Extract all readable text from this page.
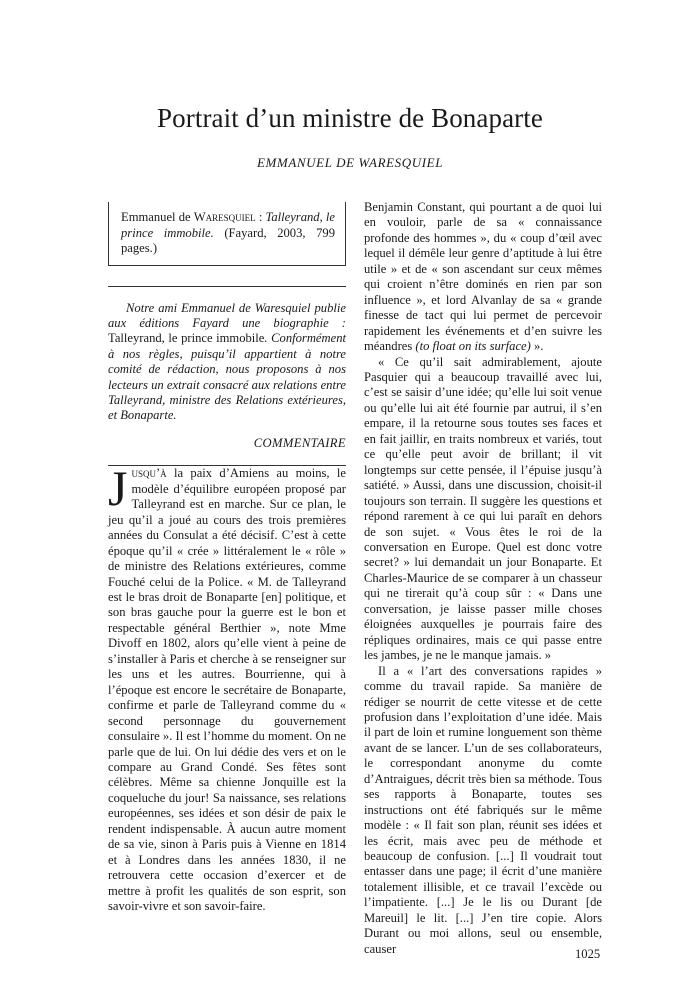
Portrait d’un ministre de Bonaparte
EMMANUEL DE WARESQUIEL
Emmanuel de Waresquiel : Talleyrand, le prince immobile. (Fayard, 2003, 799 pages.)

Notre ami Emmanuel de Waresquiel publie aux éditions Fayard une biographie : Talleyrand, le prince immobile. Conformément à nos règles, puisqu’il appartient à notre comité de rédaction, nous proposons à nos lecteurs un extrait consacré aux relations entre Talleyrand, ministre des Relations extérieures, et Bonaparte.

COMMENTAIRE

Jusqu’à la paix d’Amiens au moins, le modèle d’équilibre européen proposé par Talleyrand est en marche. Sur ce plan, le jeu qu’il a joué au cours des trois premières années du Consulat a été décisif. C’est à cette époque qu’il « crée » littéralement le « rôle » de ministre des Relations extérieures, comme Fouché celui de la Police. « M. de Talleyrand est le bras droit de Bonaparte [en] politique, et son bras gauche pour la guerre est le bon et respectable général Berthier », note Mme Divoff en 1802, alors qu’elle vient à peine de s’installer à Paris et cherche à se renseigner sur les uns et les autres. Bourrienne, qui à l’époque est encore le secrétaire de Bonaparte, confirme et parle de Talleyrand comme du « second personnage du gouvernement consulaire ». Il est l’homme du moment. On ne parle que de lui. On lui dédie des vers et on le compare au Grand Condé. Ses fêtes sont célèbres. Même sa chienne Jonquille est la coqueluche du jour! Sa naissance, ses relations européennes, ses idées et son désir de paix le rendent indispensable. À aucun autre moment de sa vie, sinon à Paris puis à Vienne en 1814 et à Londres dans les années 1830, il ne retrouvera cette occasion d’exercer et de mettre à profit les qualités de son esprit, son savoir-vivre et son savoir-faire.

Benjamin Constant, qui pourtant a de quoi lui en vouloir, parle de sa « connaissance profonde des hommes », du « coup d’œil avec lequel il démêle leur genre d’aptitude à lui être utile » et de « son ascendant sur ceux mêmes qui croient n’être dominés en rien par son influence », et lord Alvanlay de sa « grande finesse de tact qui lui permet de percevoir rapidement les événements et d’en suivre les méandres (to float on its surface) ».

« Ce qu’il sait admirablement, ajoute Pasquier qui a beaucoup travaillé avec lui, c’est se saisir d’une idée; qu’elle lui soit venue ou qu’elle lui ait été fournie par autrui, il s’en empare, il la retourne sous toutes ses faces et en fait jaillir, en traits nombreux et variés, tout ce qu’elle peut avoir de brillant; il vit longtemps sur cette pensée, il l’épuise jusqu’à satiété. » Aussi, dans une discussion, choisit-il toujours son terrain. Il suggère les questions et répond rarement à ce qui lui paraît en dehors de son sujet. « Vous êtes le roi de la conversation en Europe. Quel est donc votre secret? » lui demandait un jour Bonaparte. Et Charles-Maurice de se comparer à un chasseur qui ne tirerait qu’à coup sûr : « Dans une conversation, je laisse passer mille choses éloignées auxquelles je pourrais faire des répliques ordinaires, mais ce qui passe entre les jambes, je ne le manque jamais. »

Il a « l’art des conversations rapides » comme du travail rapide. Sa manière de rédiger se nourrit de cette vitesse et de cette profusion dans l’exploitation d’une idée. Mais il part de loin et rumine longuement son thème avant de se lancer. L’un de ses collaborateurs, le correspondant anonyme du comte d’Antraigues, décrit très bien sa méthode. Tous ses rapports à Bonaparte, toutes ses instructions ont été fabriqués sur le même modèle : « Il fait son plan, réunit ses idées et les écrit, mais avec peu de méthode et beaucoup de confusion. [...] Il voudrait tout entasser dans une page; il écrit d’une manière totalement illisible, et ce travail l’excède ou l’impatiente. [...] Je le lis ou Durant [de Mareuil] le lit. [...] J’en tire copie. Alors Durant ou moi allons, seul ou ensemble, causer	1025
